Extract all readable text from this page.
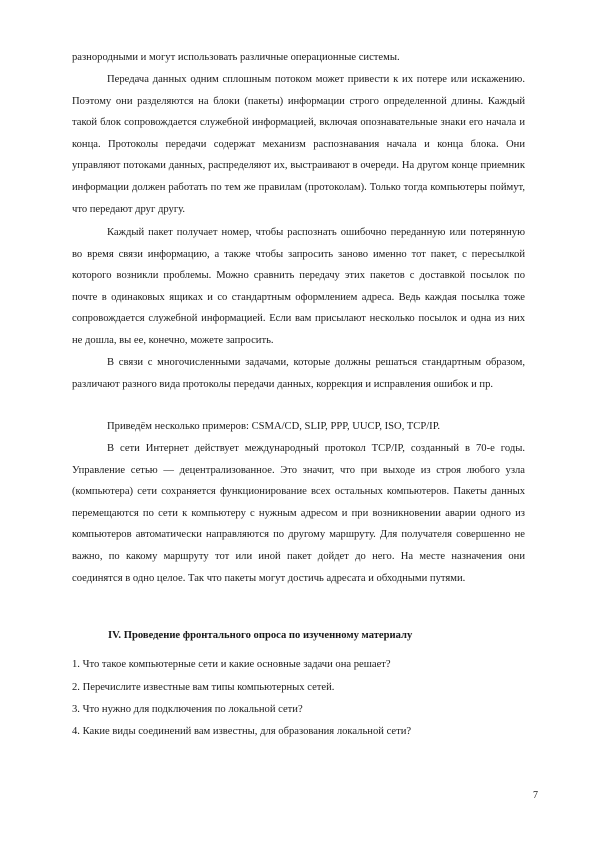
разнородными и могут использовать различные операционные системы.

Передача данных одним сплошным потоком может привести к их потере или искажению. Поэтому они разделяются на блоки (пакеты) информации строго определенной длины. Каждый такой блок сопровождается служебной информацией, включая опознавательные знаки его начала и конца. Протоколы передачи содержат механизм распознавания начала и конца блока. Они управляют потоками данных, распределяют их, выстраивают в очереди. На другом конце приемник информации должен работать по тем же правилам (протоколам). Только тогда компьютеры поймут, что передают друг другу.

Каждый пакет получает номер, чтобы распознать ошибочно переданную или потерянную во время связи информацию, а также чтобы запросить заново именно тот пакет, с пересылкой которого возникли проблемы. Можно сравнить передачу этих пакетов с доставкой посылок по почте в одинаковых ящиках и со стандартным оформлением адреса. Ведь каждая посылка тоже сопровождается служебной информацией. Если вам присылают несколько посылок и одна из них не дошла, вы ее, конечно, можете запросить.

В связи с многочисленными задачами, которые должны решаться стандартным образом, различают разного вида протоколы передачи данных, коррекция и исправления ошибок и пр.

Приведём несколько примеров: CSMA/CD, SLIP, PPP, UUCP, ISO, TCP/IP.

В сети Интернет действует международный протокол TCP/IP, созданный в 70-е годы. Управление сетью — децентрализованное. Это значит, что при выходе из строя любого узла (компьютера) сети сохраняется функционирование всех остальных компьютеров. Пакеты данных перемещаются по сети к компьютеру с нужным адресом и при возникновении аварии одного из компьютеров автоматически направляются по другому маршруту. Для получателя совершенно не важно, по какому маршруту тот или иной пакет дойдет до него. На месте назначения они соединятся в одно целое. Так что пакеты могут достичь адресата и обходными путями.

IV. Проведение фронтального опроса по изученному материалу

1. Что такое компьютерные сети и какие основные задачи она решает?

2. Перечислите известные вам типы компьютерных сетей.

3. Что нужно для подключения по локальной сети?

4. Какие виды соединений вам известны, для образования локальной сети?

7
